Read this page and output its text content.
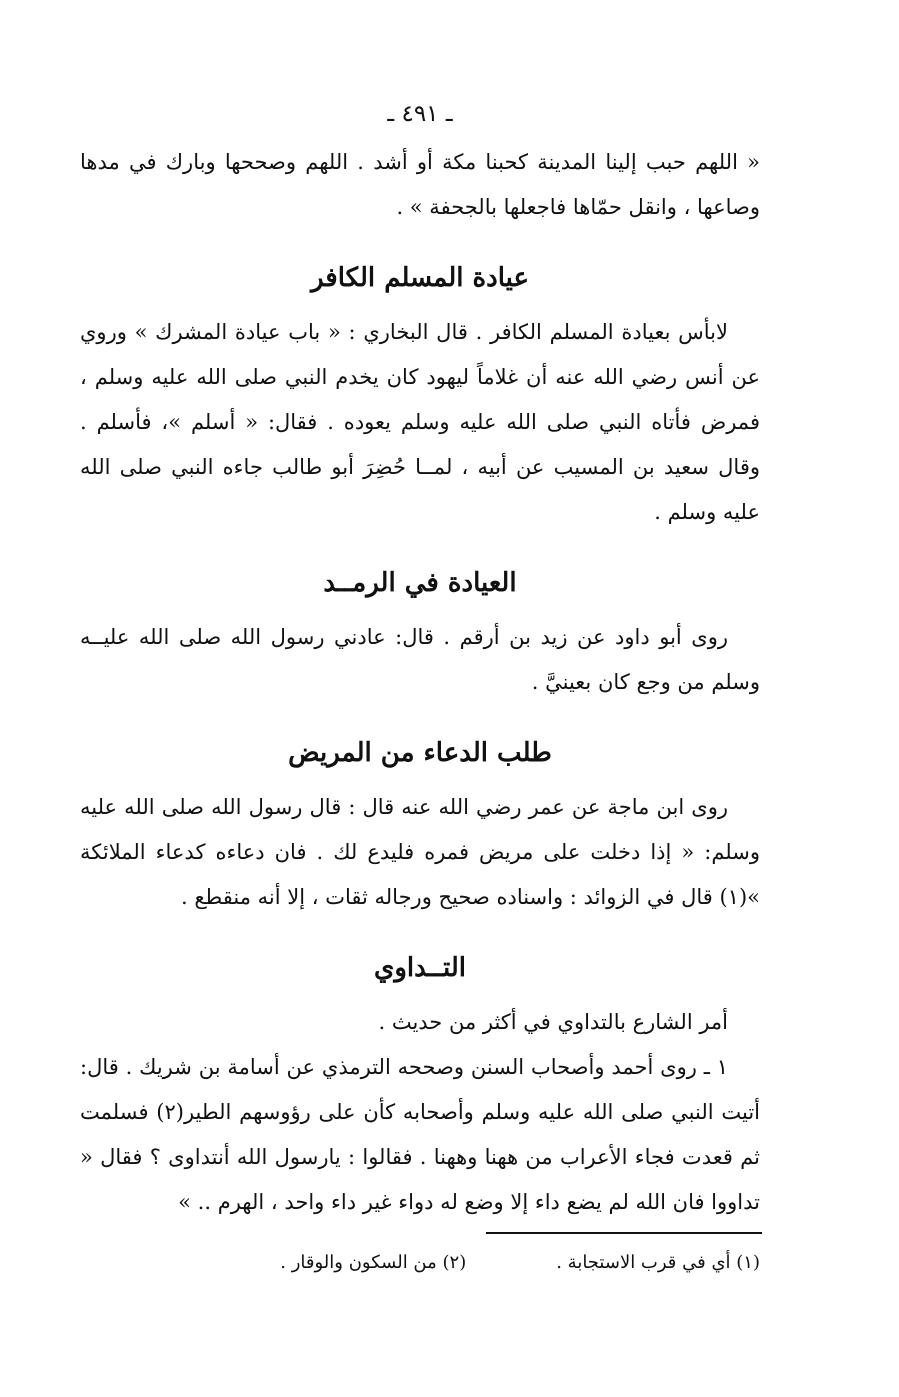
ـ ٤٩١ ـ

« اللهم حبب إلينا المدينة كحبنا مكة أو أشد . اللهم وصححها وبارك في مدها وصاعها ، وانقل حمّاها فاجعلها بالجحفة » .

عيادة المسلم الكافر

لابأس بعيادة المسلم الكافر . قال البخاري : « باب عيادة المشرك » وروي عن أنس رضي الله عنه أن غلاماً ليهود كان يخدم النبي صلى الله عليه وسلم ، فمرض فأتاه النبي صلى الله عليه وسلم يعوده . فقال: « أسلم »، فأسلم . وقال سعيد بن المسيب عن أبيه ، لمــا حُضِرَ أبو طالب جاءه النبي صلى الله عليه وسلم .

العيادة في الرمــد

روى أبو داود عن زيد بن أرقم . قال: عادني رسول الله صلى الله عليــه وسلم من وجع كان بعينيَّ .

طلب الدعاء من المريض

روى ابن ماجة عن عمر رضي الله عنه قال : قال رسول الله صلى الله عليه وسلم: « إذا دخلت على مريض فمره فليدع لك . فان دعاءه كدعاء الملائكة »(١) قال في الزوائد : واسناده صحيح ورجاله ثقات ، إلا أنه منقطع .

التــداوي

أمر الشارع بالتداوي في أكثر من حديث .

١ ـ روى أحمد وأصحاب السنن وصححه الترمذي عن أسامة بن شريك . قال: أتيت النبي صلى الله عليه وسلم وأصحابه كأن على رؤوسهم الطير(٢) فسلمت ثم قعدت فجاء الأعراب من ههنا وههنا . فقالوا : يارسول الله أنتداوى ؟ فقال « تداووا فان الله لم يضع داء إلا وضع له دواء غير داء واحد ، الهرم .. »

(١) أي في قرب الاستجابة .
(٢) من السكون والوقار .
